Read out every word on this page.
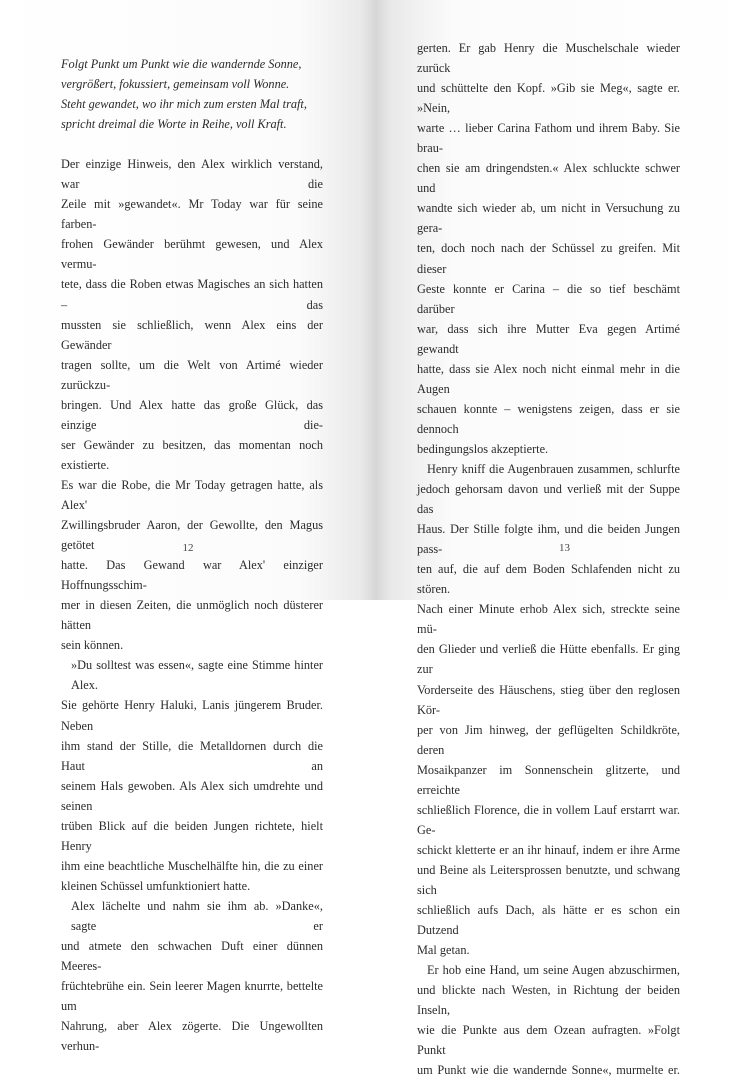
Folgt Punkt um Punkt wie die wandernde Sonne,
vergrößert, fokussiert, gemeinsam voll Wonne.
Steht gewandet, wo ihr mich zum ersten Mal traft,
spricht dreimal die Worte in Reihe, voll Kraft.
Der einzige Hinweis, den Alex wirklich verstand, war die
Zeile mit »gewandet«. Mr Today war für seine farben-
frohen Gewänder berühmt gewesen, und Alex vermu-
tete, dass die Roben etwas Magisches an sich hatten – das
mussten sie schließlich, wenn Alex eins der Gewänder
tragen sollte, um die Welt von Artimé wieder zurückzu-
bringen. Und Alex hatte das große Glück, das einzige die-
ser Gewänder zu besitzen, das momentan noch existierte.
Es war die Robe, die Mr Today getragen hatte, als Alex'
Zwillingsbruder Aaron, der Gewollte, den Magus getötet
hatte. Das Gewand war Alex' einziger Hoffnungsschim-
mer in diesen Zeiten, die unmöglich noch düsterer hätten
sein können.
»Du solltest was essen«, sagte eine Stimme hinter Alex.
Sie gehörte Henry Haluki, Lanis jüngerem Bruder. Neben
ihm stand der Stille, die Metalldornen durch die Haut an
seinem Hals gewoben. Als Alex sich umdrehte und seinen
trüben Blick auf die beiden Jungen richtete, hielt Henry
ihm eine beachtliche Muschelhälfte hin, die zu einer
kleinen Schüssel umfunktioniert hatte.
Alex lächelte und nahm sie ihm ab. »Danke«, sagte er
und atmete den schwachen Duft einer dünnen Meeres-
früchtebrühe ein. Sein leerer Magen knurrte, bettelte um
Nahrung, aber Alex zögerte. Die Ungewollten verhun-
12
gerten. Er gab Henry die Muschelschale wieder zurück
und schüttelte den Kopf. »Gib sie Meg«, sagte er. »Nein,
warte … lieber Carina Fathom und ihrem Baby. Sie brau-
chen sie am dringendsten.« Alex schluckte schwer und
wandte sich wieder ab, um nicht in Versuchung zu gera-
ten, doch noch nach der Schüssel zu greifen. Mit dieser
Geste konnte er Carina – die so tief beschämt darüber
war, dass sich ihre Mutter Eva gegen Artimé gewandt
hatte, dass sie Alex noch nicht einmal mehr in die Augen
schauen konnte – wenigstens zeigen, dass er sie dennoch
bedingungslos akzeptierte.
Henry kniff die Augenbrauen zusammen, schlurfte
jedoch gehorsam davon und verließ mit der Suppe das
Haus. Der Stille folgte ihm, und die beiden Jungen pass-
ten auf, die auf dem Boden Schlafenden nicht zu stören.
Nach einer Minute erhob Alex sich, streckte seine mü-
den Glieder und verließ die Hütte ebenfalls. Er ging zur
Vorderseite des Häuschens, stieg über den reglosen Kör-
per von Jim hinweg, der geflügelten Schildkröte, deren
Mosaikpanzer im Sonnenschein glitzerte, und erreichte
schließlich Florence, die in vollem Lauf erstarrt war. Ge-
schickt kletterte er an ihr hinauf, indem er ihre Arme
und Beine als Leitersprossen benutzte, und schwang sich
schließlich aufs Dach, als hätte er es schon ein Dutzend
Mal getan.
Er hob eine Hand, um seine Augen abzuschirmen,
und blickte nach Westen, in Richtung der beiden Inseln,
wie die Punkte aus dem Ozean aufragten. »Folgt Punkt
um Punkt wie die wandernde Sonne«, murmelte er.
13
